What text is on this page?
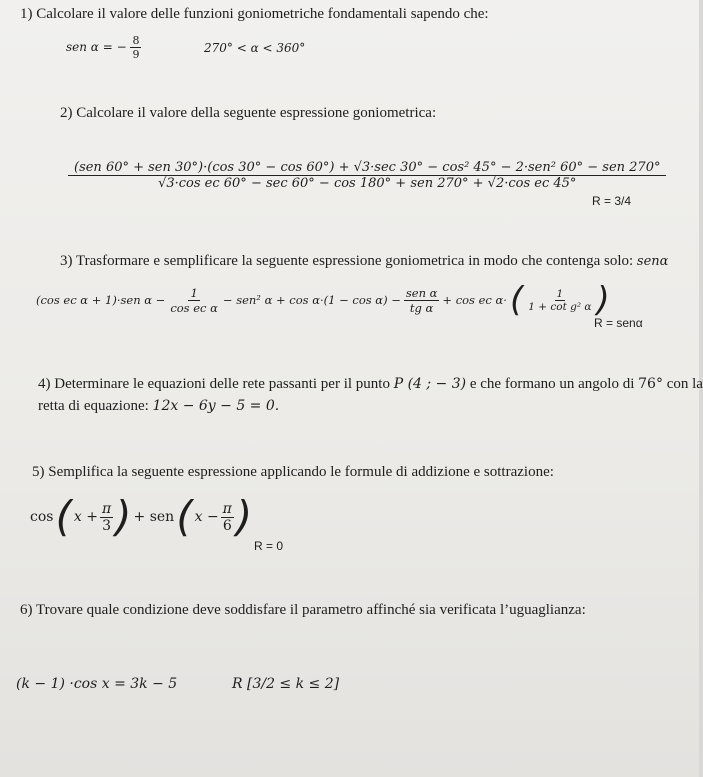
1) Calcolare il valore delle funzioni goniometriche fondamentali sapendo che:
sen α = − $\frac{8}{9}$	270° < α < 360°
2) Calcolare il valore della seguente espressione goniometrica:
(sen 60° + sen 30°)·(cos 30° − cos 60°) + √3·sec 30° − cos² 45° − 2·sen² 60° − sen 270°
√3·cos ec 60° − sec 60° − cos 180° + sen 270° + √2·cos ec 45°
R = 3/4
3) Trasformare e semplificare la seguente espressione goniometrica in modo che contenga solo: senα
(cos ec α + 1)·sen $\alpha - \frac{1}{\text{cos ec α}} - sen^2$ $\alpha + \cos \alpha\cdot(1 - \cos \alpha) - \frac{\text{sen α}}{\text{tg α}} + \cos$ ec α· ( $\frac{1}{\text{1 + cot g² α}}$ )
R = senα
4) Determinare le equazioni delle rete passanti per il punto P (4 ; − 3) e che formano un angolo di 76° con la
retta di equazione: 12x − 6y − 5 = 0.
5) Semplifica la seguente espressione applicando le formule di addizione e sottrazione:
cos ( $x + \frac{\pi}{3}$ ) + sen ( $x - \frac{\pi}{6}$ )
R = 0
6) Trovare quale condizione deve soddisfare il parametro affinché sia verificata l’uguaglianza:
(k − 1) ·cos x = 3k − 5	R [3/2 ≤ k ≤ 2]
